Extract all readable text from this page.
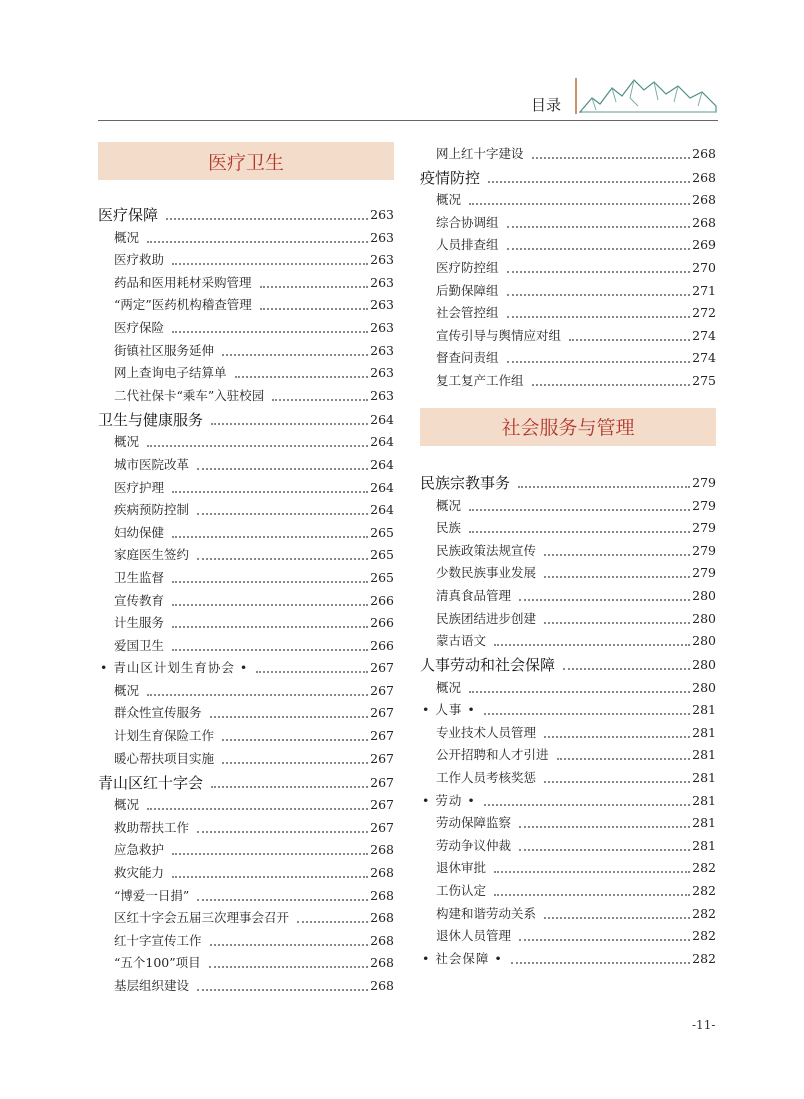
目录
医疗卫生
医疗保障	263
概况	263
医疗救助	263
药品和医用耗材采购管理	263
“两定”医药机构稽查管理	263
医疗保险	263
街镇社区服务延伸	263
网上查询电子结算单	263
二代社保卡“乘车”入驻校园	263
卫生与健康服务	264
概况	264
城市医院改革	264
医疗护理	264
疾病预防控制	264
妇幼保健	265
家庭医生签约	265
卫生监督	265
宣传教育	266
计生服务	266
爱国卫生	266
• 青山区计划生育协会 •	267
概况	267
群众性宣传服务	267
计划生育保险工作	267
暖心帮扶项目实施	267
青山区红十字会	267
概况	267
救助帮扶工作	267
应急救护	268
救灾能力	268
“博爱一日捐”	268
区红十字会五届三次理事会召开	268
红十字宣传工作	268
“五个100”项目	268
基层组织建设	268
网上红十字建设	268
疫情防控	268
概况	268
综合协调组	268
人员排查组	269
医疗防控组	270
后勤保障组	271
社会管控组	272
宣传引导与舆情应对组	274
督查问责组	274
复工复产工作组	275
社会服务与管理
民族宗教事务	279
概况	279
民族	279
民族政策法规宣传	279
少数民族事业发展	279
清真食品管理	280
民族团结进步创建	280
蒙古语文	280
人事劳动和社会保障	280
概况	280
• 人事 •	281
专业技术人员管理	281
公开招聘和人才引进	281
工作人员考核奖惩	281
• 劳动 •	281
劳动保障监察	281
劳动争议仲裁	281
退休审批	282
工伤认定	282
构建和谐劳动关系	282
退休人员管理	282
• 社会保障 •	282
-11-
